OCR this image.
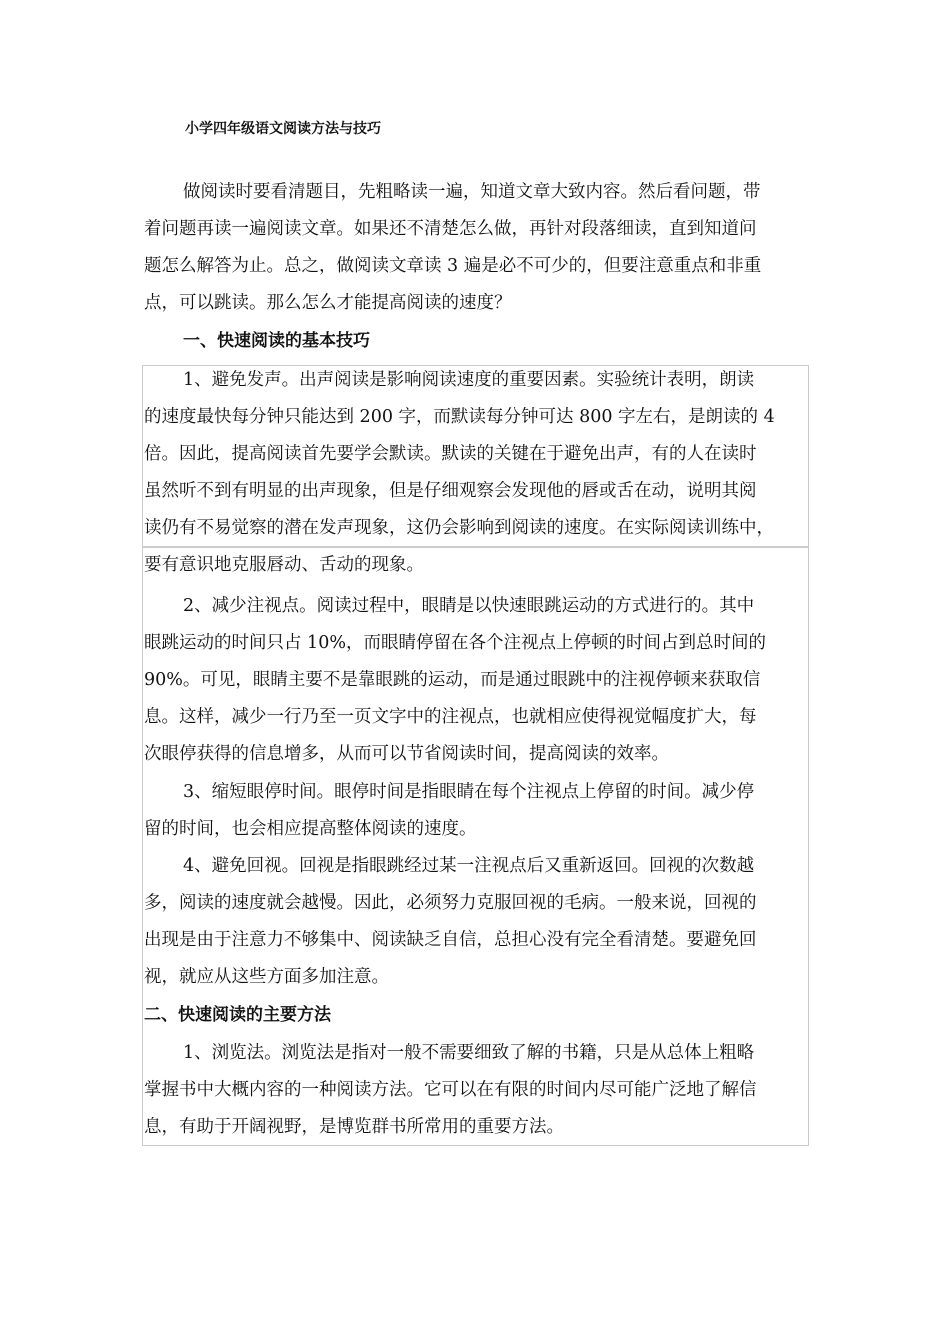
小学四年级语文阅读方法与技巧
做阅读时要看清题目，先粗略读一遍，知道文章大致内容。然后看问题，带
着问题再读一遍阅读文章。如果还不清楚怎么做，再针对段落细读，直到知道问
题怎么解答为止。总之，做阅读文章读 3 遍是必不可少的，但要注意重点和非重
点，可以跳读。那么怎么才能提高阅读的速度？
一、快速阅读的基本技巧
1、避免发声。出声阅读是影响阅读速度的重要因素。实验统计表明，朗读
的速度最快每分钟只能达到 200 字，而默读每分钟可达 800 字左右，是朗读的 4
倍。因此，提高阅读首先要学会默读。默读的关键在于避免出声，有的人在读时
虽然听不到有明显的出声现象，但是仔细观察会发现他的唇或舌在动，说明其阅
读仍有不易觉察的潜在发声现象，这仍会影响到阅读的速度。在实际阅读训练中，
要有意识地克服唇动、舌动的现象。
2、减少注视点。阅读过程中，眼睛是以快速眼跳运动的方式进行的。其中
眼跳运动的时间只占 10%，而眼睛停留在各个注视点上停顿的时间占到总时间的
90%。可见，眼睛主要不是靠眼跳的运动，而是通过眼跳中的注视停顿来获取信
息。这样，减少一行乃至一页文字中的注视点，也就相应使得视觉幅度扩大，每
次眼停获得的信息增多，从而可以节省阅读时间，提高阅读的效率。
3、缩短眼停时间。眼停时间是指眼睛在每个注视点上停留的时间。减少停
留的时间，也会相应提高整体阅读的速度。
4、避免回视。回视是指眼跳经过某一注视点后又重新返回。回视的次数越
多，阅读的速度就会越慢。因此，必须努力克服回视的毛病。一般来说，回视的
出现是由于注意力不够集中、阅读缺乏自信，总担心没有完全看清楚。要避免回
视，就应从这些方面多加注意。
二、快速阅读的主要方法
1、浏览法。浏览法是指对一般不需要细致了解的书籍，只是从总体上粗略
掌握书中大概内容的一种阅读方法。它可以在有限的时间内尽可能广泛地了解信
息，有助于开阔视野，是博览群书所常用的重要方法。
